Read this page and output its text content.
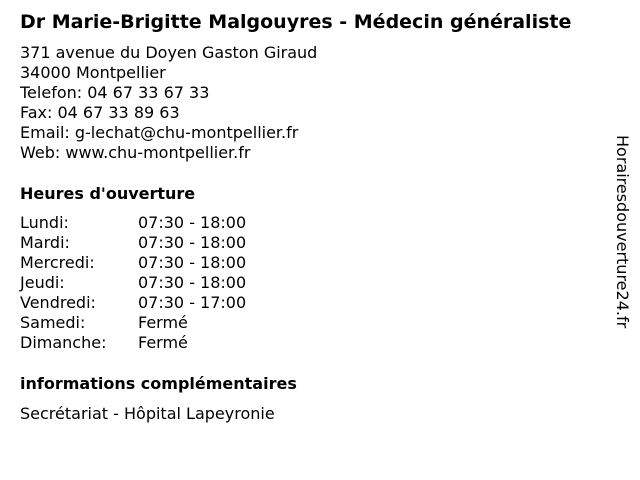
Dr Marie-Brigitte Malgouyres - Médecin généraliste
371 avenue du Doyen Gaston Giraud
34000 Montpellier
Telefon: 04 67 33 67 33
Fax: 04 67 33 89 63
Email: g-lechat@chu-montpellier.fr
Web: www.chu-montpellier.fr
Heures d'ouverture
Lundi:	07:30 - 18:00
Mardi:	07:30 - 18:00
Mercredi:	07:30 - 18:00
Jeudi:	07:30 - 18:00
Vendredi:	07:30 - 17:00
Samedi:	Fermé
Dimanche:	Fermé
informations complémentaires
Secrétariat - Hôpital Lapeyronie
Horairesdouverture24.fr
